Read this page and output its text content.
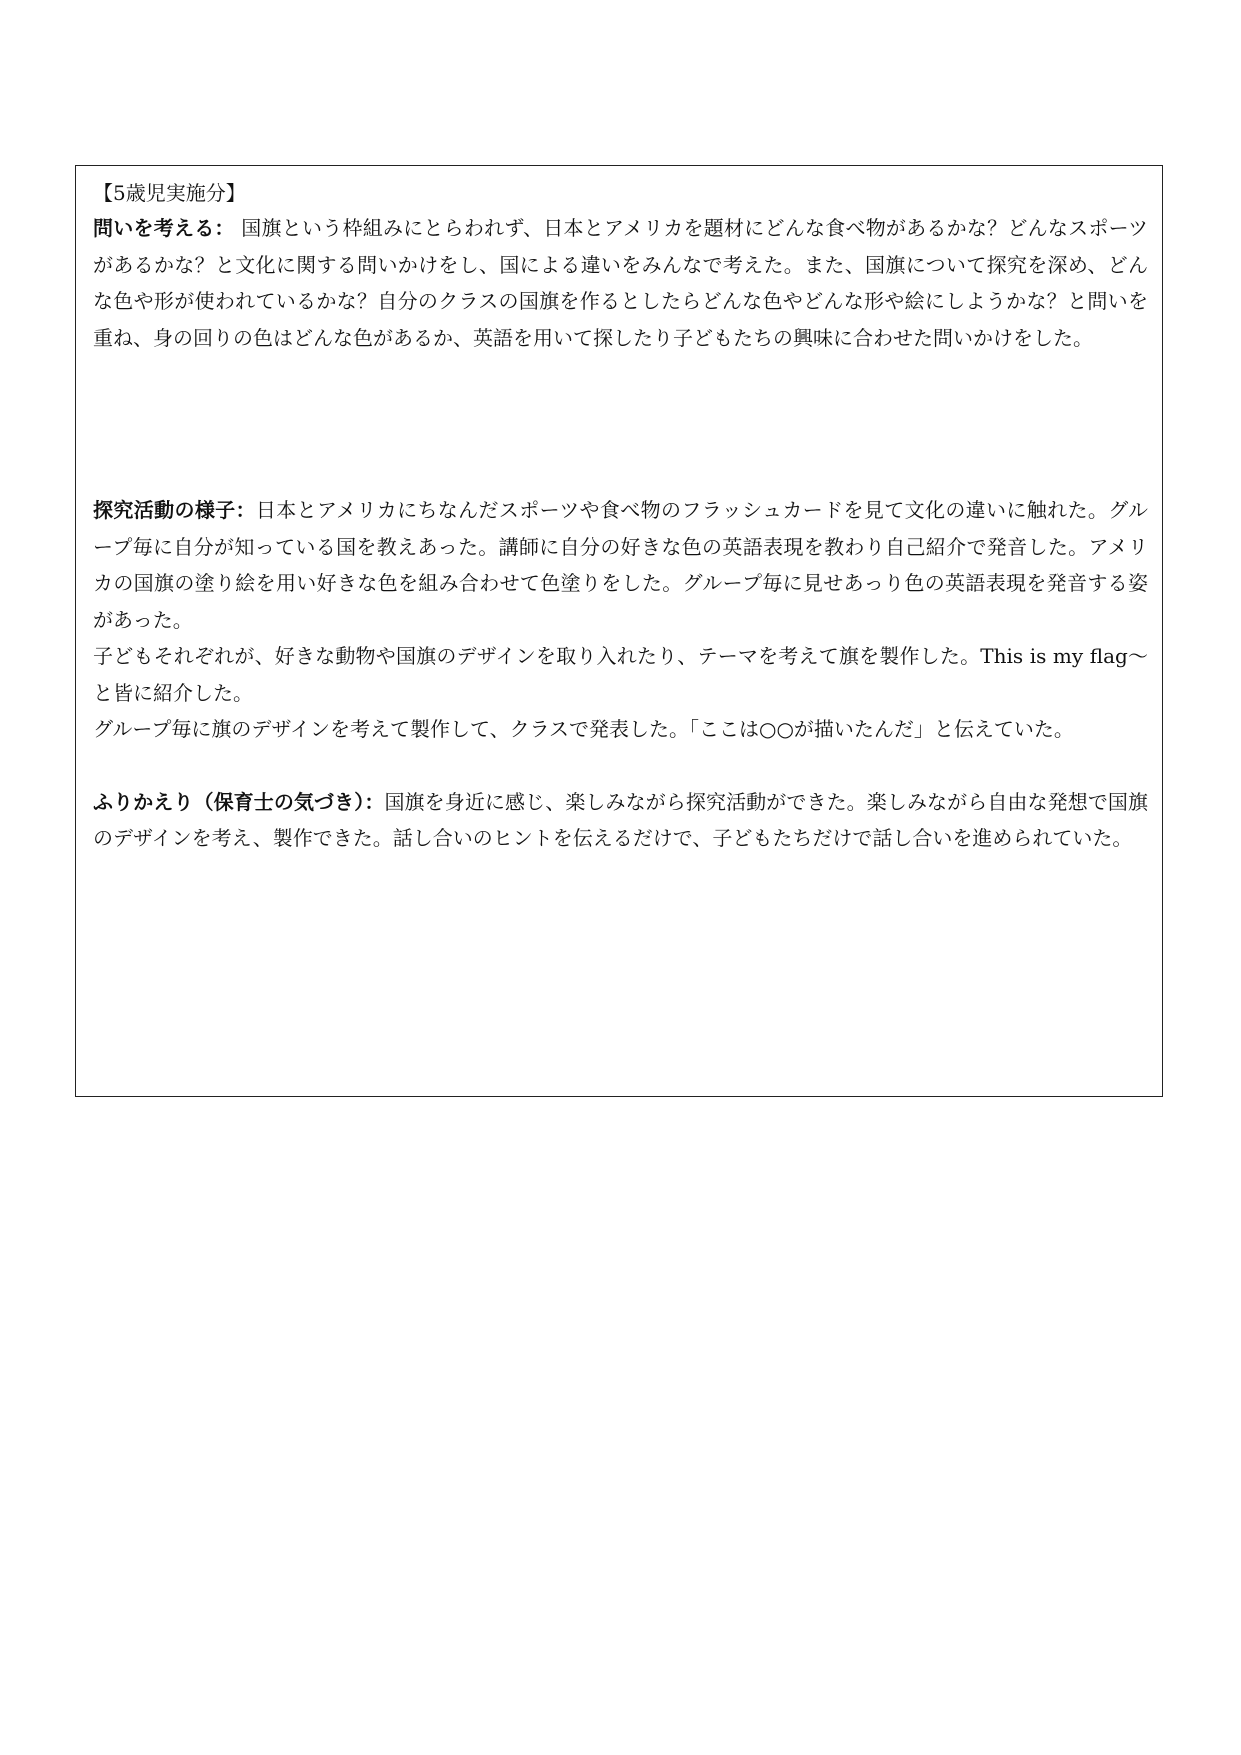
【5歳児実施分】

問いを考える： 国旗という枠組みにとらわれず、日本とアメリカを題材にどんな食べ物があるかな？どんなスポーツがあるかな？と文化に関する問いかけをし、国による違いをみんなで考えた。また、国旗について探究を深め、どんな色や形が使われているかな？自分のクラスの国旗を作るとしたらどんな色やどんな形や絵にしようかな？と問いを重ね、身の回りの色はどんな色があるか、英語を用いて探したり子どもたちの興味に合わせた問いかけをした。

探究活動の様子：日本とアメリカにちなんだスポーツや食べ物のフラッシュカードを見て文化の違いに触れた。グループ毎に自分が知っている国を教えあった。講師に自分の好きな色の英語表現を教わり自己紹介で発音した。アメリカの国旗の塗り絵を用い好きな色を組み合わせて色塗りをした。グループ毎に見せあっり色の英語表現を発音する姿があった。

子どもそれぞれが、好きな動物や国旗のデザインを取り入れたり、テーマを考えて旗を製作した。This is my flag～と皆に紹介した。

グループ毎に旗のデザインを考えて製作して、クラスで発表した。「ここは○○が描いたんだ」と伝えていた。

ふりかえり（保育士の気づき）：国旗を身近に感じ、楽しみながら探究活動ができた。楽しみながら自由な発想で国旗のデザインを考え、製作できた。話し合いのヒントを伝えるだけで、子どもたちだけで話し合いを進められていた。
